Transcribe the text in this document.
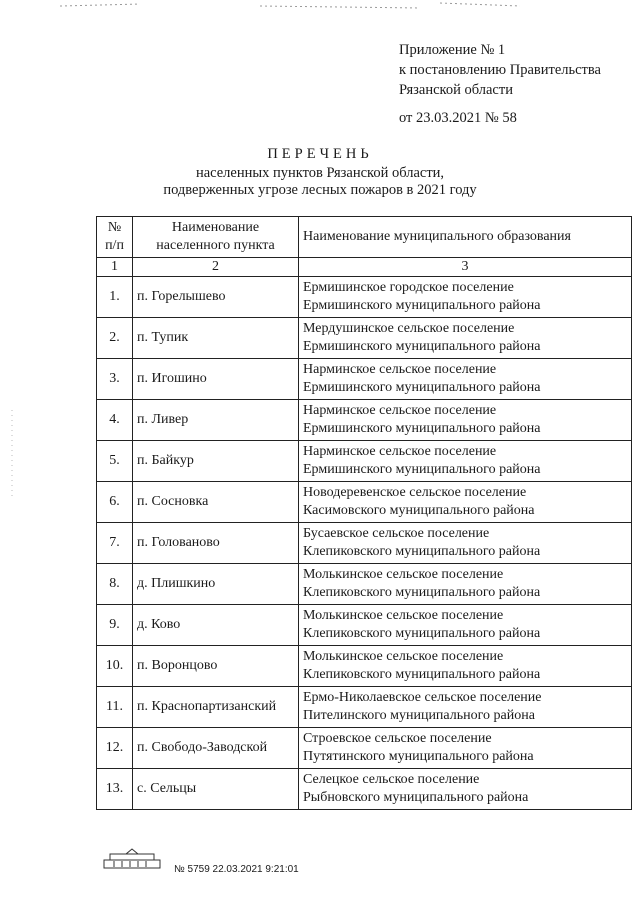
Приложение № 1
к постановлению Правительства
Рязанской области
от 23.03.2021 № 58
ПЕРЕЧЕНЬ
населенных пунктов Рязанской области,
подверженных угрозе лесных пожаров в 2021 году
№
п/п	Наименование населенного пункта	Наименование муниципального образования
1	2	3
1.	п. Горелышево	Ермишинское городское поселение
Ермишинского муниципального района

2.	п. Тупик	Мердушинское сельское поселение
Ермишинского муниципального района

3.	п. Игошино	Нарминское сельское поселение
Ермишинского муниципального района

4.	п. Ливер	Нарминское сельское поселение
Ермишинского муниципального района

5.	п. Байкур	Нарминское сельское поселение
Ермишинского муниципального района

6.	п. Сосновка	Новодеревенское сельское поселение
Касимовского муниципального района

7.	п. Голованово	Бусаевское сельское поселение
Клепиковского муниципального района

8.	д. Плишкино	Молькинское сельское поселение
Клепиковского муниципального района

9.	д. Ково	Молькинское сельское поселение
Клепиковского муниципального района

10.	п. Воронцово	Молькинское сельское поселение
Клепиковского муниципального района

11.	п. Краснопартизанский	Ермо-Николаевское сельское поселение
Пителинского муниципального района

12.	п. Свободо-Заводской	Строевское сельское поселение
Путятинского муниципального района

13.	с. Сельцы	Селецкое сельское поселение
Рыбновского муниципального района
№ 5759 22.03.2021 9:21:01
